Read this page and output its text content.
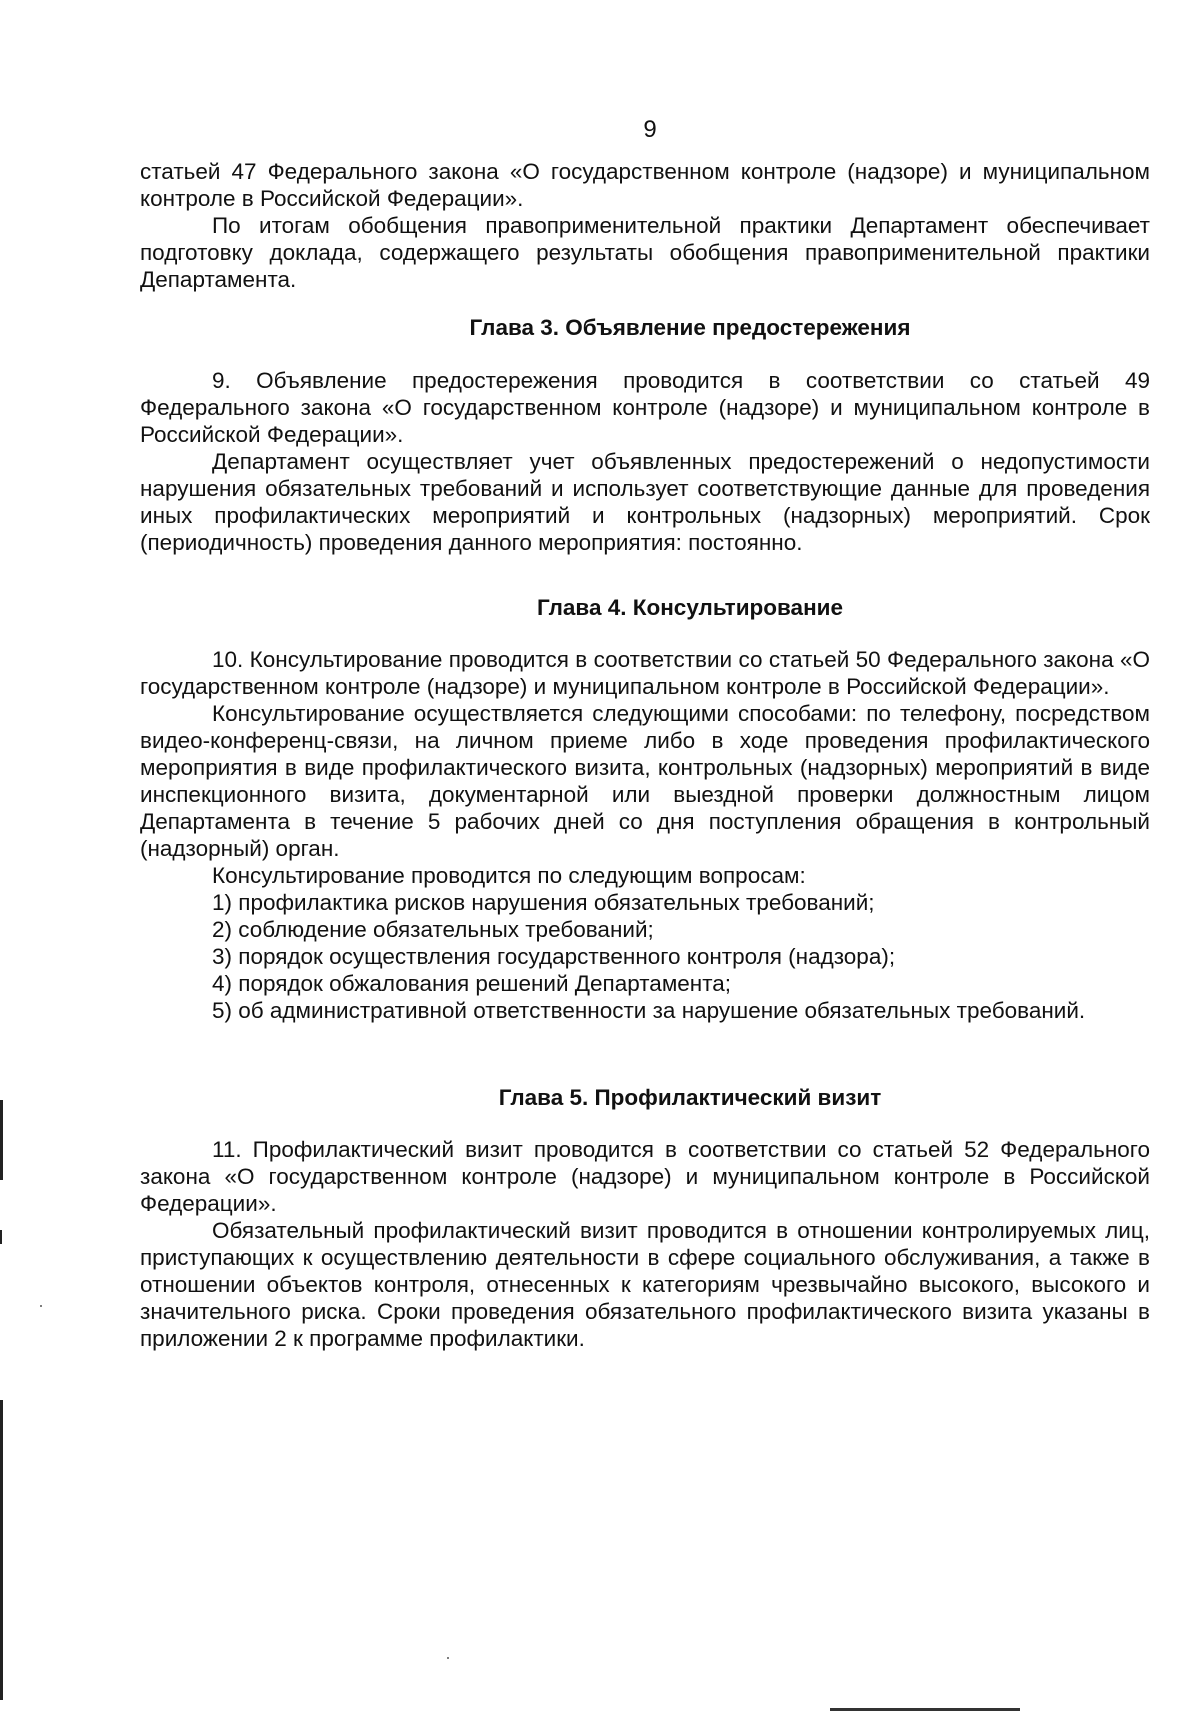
9

статьей 47 Федерального закона «О государственном контроле (надзоре) и муниципальном контроле в Российской Федерации».

По итогам обобщения правоприменительной практики Департамент обеспечивает подготовку доклада, содержащего результаты обобщения правоприменительной практики Департамента.

Глава 3. Объявление предостережения

9. Объявление предостережения проводится в соответствии со статьей 49 Федерального закона «О государственном контроле (надзоре) и муниципальном контроле в Российской Федерации».

Департамент осуществляет учет объявленных предостережений о недопустимости нарушения обязательных требований и использует соответствующие данные для проведения иных профилактических мероприятий и контрольных (надзорных) мероприятий. Срок (периодичность) проведения данного мероприятия: постоянно.

Глава 4. Консультирование

10. Консультирование проводится в соответствии со статьей 50 Федерального закона «О государственном контроле (надзоре) и муниципальном контроле в Российской Федерации».

Консультирование осуществляется следующими способами: по телефону, посредством видео-конференц-связи, на личном приеме либо в ходе проведения профилактического мероприятия в виде профилактического визита, контрольных (надзорных) мероприятий в виде инспекционного визита, документарной или выездной проверки должностным лицом Департамента в течение 5 рабочих дней со дня поступления обращения в контрольный (надзорный) орган.

Консультирование проводится по следующим вопросам:

1) профилактика рисков нарушения обязательных требований;

2) соблюдение обязательных требований;

3) порядок осуществления государственного контроля (надзора);

4) порядок обжалования решений Департамента;

5) об административной ответственности за нарушение обязательных требований.

Глава 5. Профилактический визит

11. Профилактический визит проводится в соответствии со статьей 52 Федерального закона «О государственном контроле (надзоре) и муниципальном контроле в Российской Федерации».

Обязательный профилактический визит проводится в отношении контролируемых лиц, приступающих к осуществлению деятельности в сфере социального обслуживания, а также в отношении объектов контроля, отнесенных к категориям чрезвычайно высокого, высокого и значительного риска. Сроки проведения обязательного профилактического визита указаны в приложении 2 к программе профилактики.
